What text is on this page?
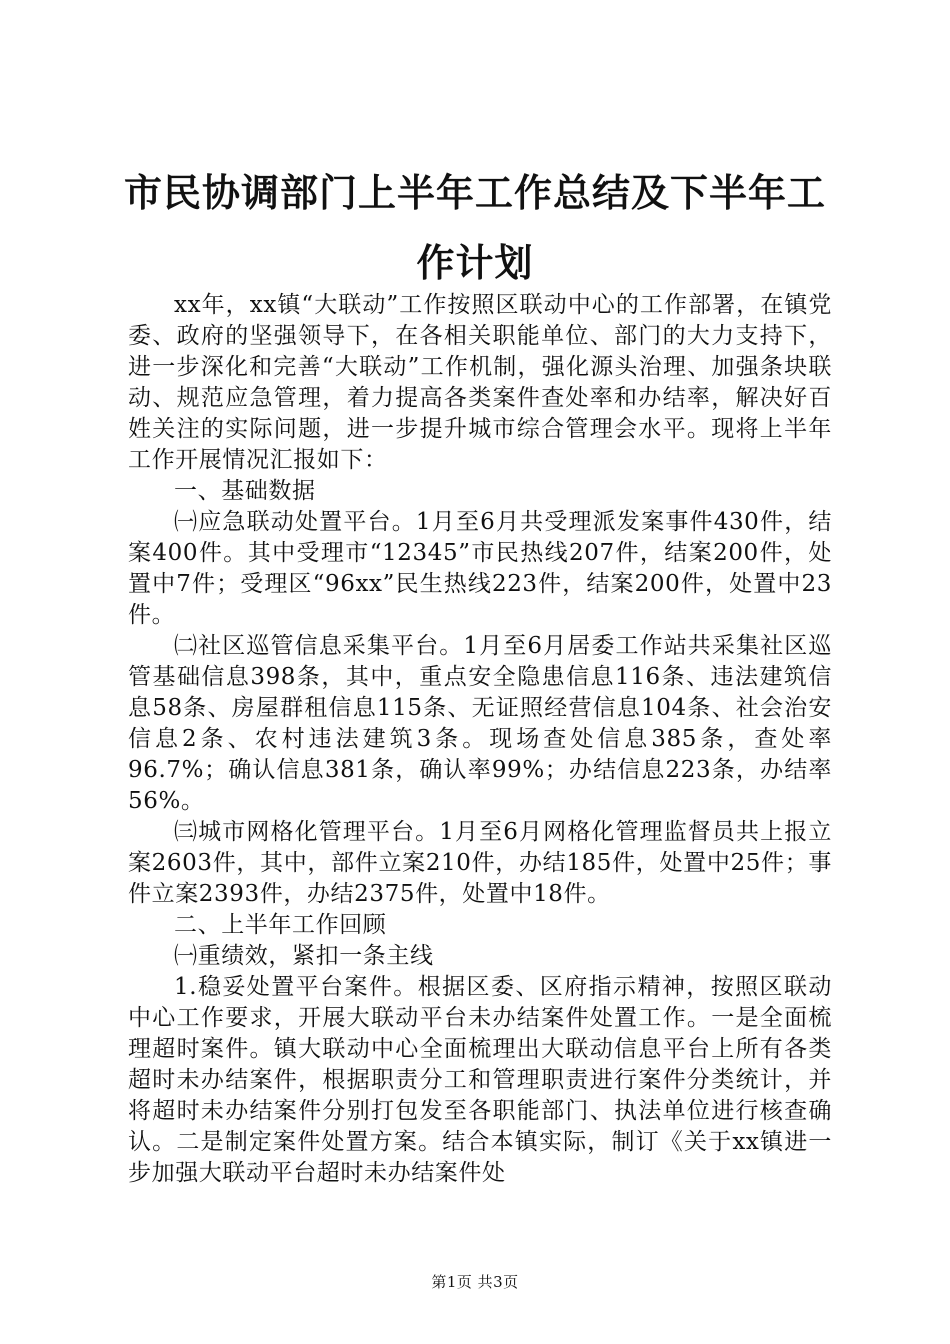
市民协调部门上半年工作总结及下半年工作计划

xx年，xx镇“大联动”工作按照区联动中心的工作部署，在镇党委、政府的坚强领导下，在各相关职能单位、部门的大力支持下，进一步深化和完善“大联动”工作机制，强化源头治理、加强条块联动、规范应急管理，着力提高各类案件查处率和办结率，解决好百姓关注的实际问题，进一步提升城市综合管理会水平。现将上半年工作开展情况汇报如下：

一、基础数据

㈠应急联动处置平台。1月至6月共受理派发案事件430件，结案400件。其中受理市“12345”市民热线207件，结案200件，处置中7件；受理区“96xx”民生热线223件，结案200件，处置中23件。

㈡社区巡管信息采集平台。1月至6月居委工作站共采集社区巡管基础信息398条，其中，重点安全隐患信息116条、违法建筑信息58条、房屋群租信息115条、无证照经营信息104条、社会治安信息2条、农村违法建筑3条。现场查处信息385条，查处率96.7%；确认信息381条，确认率99%；办结信息223条，办结率56%。

㈢城市网格化管理平台。1月至6月网格化管理监督员共上报立案2603件，其中，部件立案210件，办结185件，处置中25件；事件立案2393件，办结2375件，处置中18件。

二、上半年工作回顾

㈠重绩效，紧扣一条主线

1.稳妥处置平台案件。根据区委、区府指示精神，按照区联动中心工作要求，开展大联动平台未办结案件处置工作。一是全面梳理超时案件。镇大联动中心全面梳理出大联动信息平台上所有各类超时未办结案件，根据职责分工和管理职责进行案件分类统计，并将超时未办结案件分别打包发至各职能部门、执法单位进行核查确认。二是制定案件处置方案。结合本镇实际，制订《关于xx镇进一步加强大联动平台超时未办结案件处

第1页 共3页
